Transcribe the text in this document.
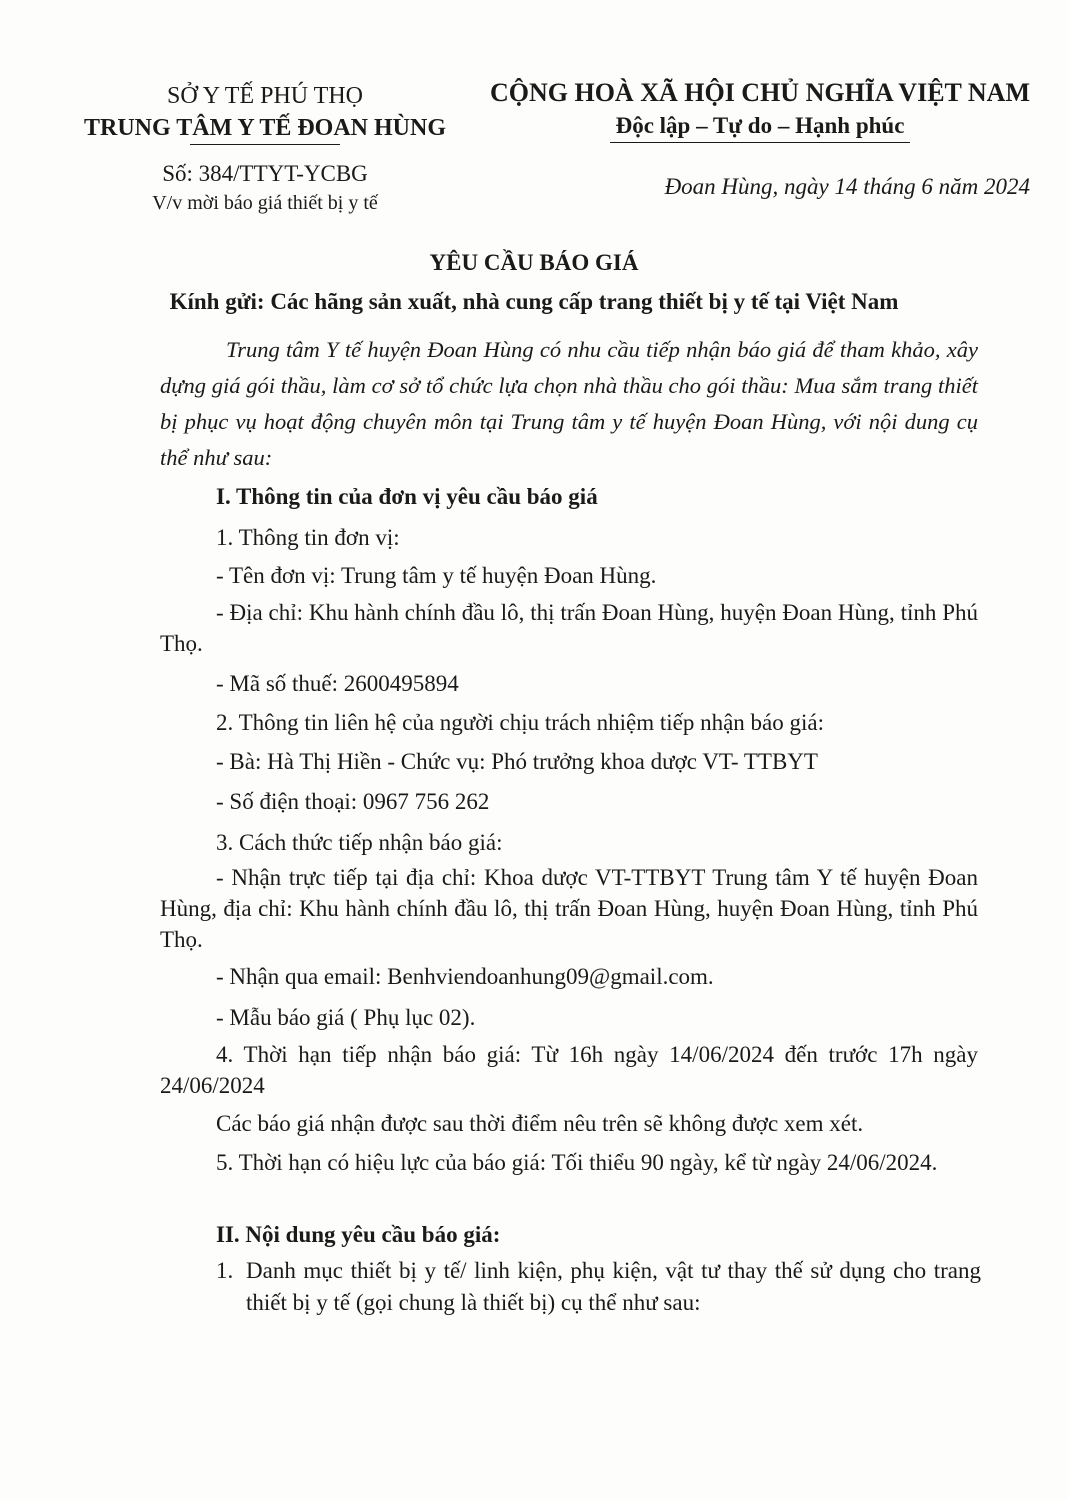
SỞ Y TẾ PHÚ THỌ
TRUNG TÂM Y TẾ ĐOAN HÙNG
CỘNG HOÀ XÃ HỘI CHỦ NGHĨA VIỆT NAM
Độc lập – Tự do – Hạnh phúc
Số: 384/TTYT-YCBG
V/v mời báo giá thiết bị y tế
Đoan Hùng, ngày 14 tháng 6 năm 2024
YÊU CẦU BÁO GIÁ
Kính gửi: Các hãng sản xuất, nhà cung cấp trang thiết bị y tế tại Việt Nam
Trung tâm Y tế huyện Đoan Hùng có nhu cầu tiếp nhận báo giá để tham khảo, xây dựng giá gói thầu, làm cơ sở tổ chức lựa chọn nhà thầu cho gói thầu: Mua sắm trang thiết bị phục vụ hoạt động chuyên môn tại Trung tâm y tế huyện Đoan Hùng, với nội dung cụ thể như sau:
I. Thông tin của đơn vị yêu cầu báo giá
1. Thông tin đơn vị:
- Tên đơn vị: Trung tâm y tế huyện Đoan Hùng.
- Địa chỉ: Khu hành chính đầu lô, thị trấn Đoan Hùng, huyện Đoan Hùng, tỉnh Phú Thọ.
- Mã số thuế: 2600495894
2. Thông tin liên hệ của người chịu trách nhiệm tiếp nhận báo giá:
- Bà: Hà Thị Hiền - Chức vụ: Phó trưởng khoa dược VT- TTBYT
- Số điện thoại: 0967 756 262
3. Cách thức tiếp nhận báo giá:
- Nhận trực tiếp tại địa chỉ: Khoa dược VT-TTBYT Trung tâm Y tế huyện Đoan Hùng, địa chỉ: Khu hành chính đầu lô, thị trấn Đoan Hùng, huyện Đoan Hùng, tỉnh Phú Thọ.
- Nhận qua email: Benhviendoanhung09@gmail.com.
- Mẫu báo giá ( Phụ lục 02).
4. Thời hạn tiếp nhận báo giá: Từ 16h ngày 14/06/2024 đến trước 17h ngày 24/06/2024
Các báo giá nhận được sau thời điểm nêu trên sẽ không được xem xét.
5. Thời hạn có hiệu lực của báo giá: Tối thiểu 90 ngày, kể từ ngày 24/06/2024.
II. Nội dung yêu cầu báo giá:
1. Danh mục thiết bị y tế/ linh kiện, phụ kiện, vật tư thay thế sử dụng cho trang thiết bị y tế (gọi chung là thiết bị) cụ thể như sau:
